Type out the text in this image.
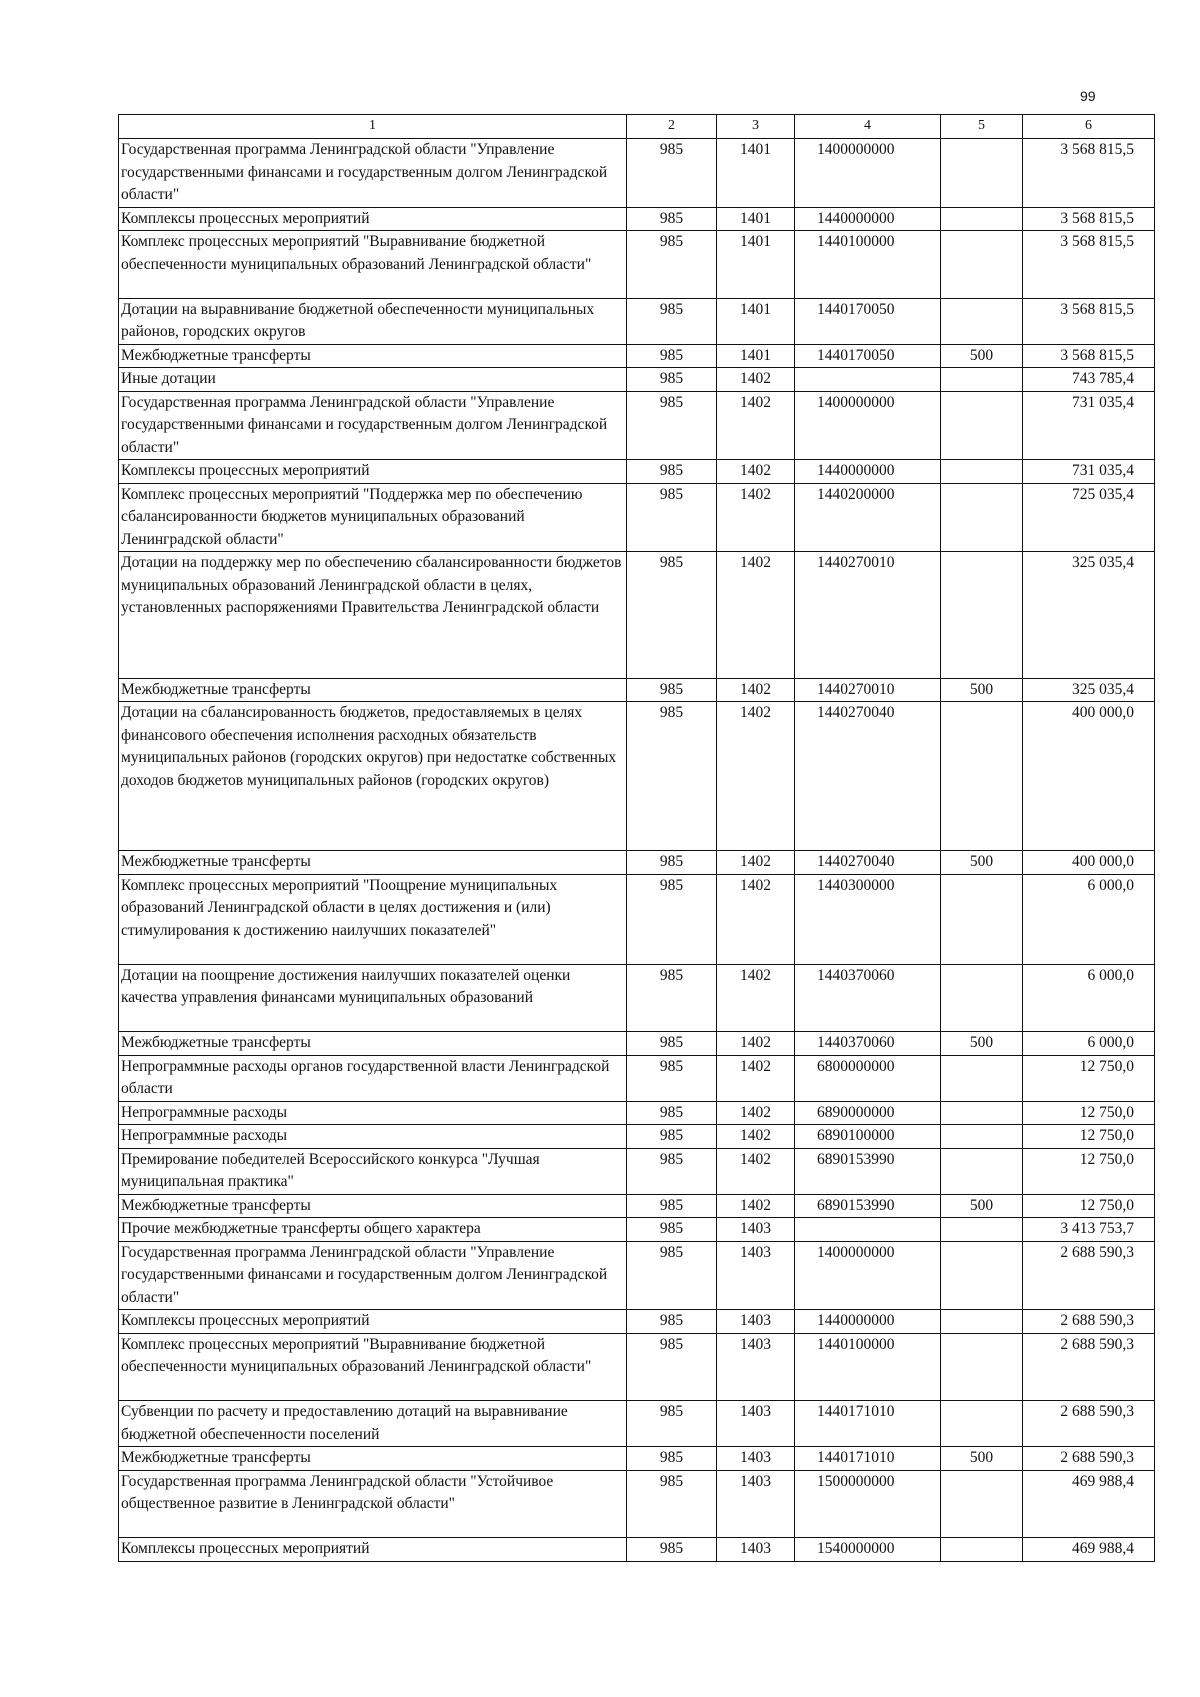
99
1	2	3	4	5	6
Государственная программа Ленинградской области "Управление государственными финансами и государственным долгом Ленинградской области"	985	1401	1400000000		3 568 815,5
Комплексы процессных мероприятий	985	1401	1440000000		3 568 815,5
Комплекс процессных мероприятий "Выравнивание бюджетной обеспеченности муниципальных образований Ленинградской области"	985	1401	1440100000		3 568 815,5
Дотации на выравнивание бюджетной обеспеченности муниципальных районов, городских округов	985	1401	1440170050		3 568 815,5
Межбюджетные трансферты	985	1401	1440170050	500	3 568 815,5
Иные дотации	985	1402			743 785,4
Государственная программа Ленинградской области "Управление государственными финансами и государственным долгом Ленинградской области"	985	1402	1400000000		731 035,4
Комплексы процессных мероприятий	985	1402	1440000000		731 035,4
Комплекс процессных мероприятий "Поддержка мер по обеспечению сбалансированности бюджетов муниципальных образований Ленинградской области"	985	1402	1440200000		725 035,4
Дотации на поддержку мер по обеспечению сбалансированности бюджетов муниципальных образований Ленинградской области в целях, установленных распоряжениями Правительства Ленинградской области	985	1402	1440270010		325 035,4
Межбюджетные трансферты	985	1402	1440270010	500	325 035,4
Дотации на сбалансированность бюджетов, предоставляемых в целях финансового обеспечения исполнения расходных обязательств муниципальных районов (городских округов) при недостатке собственных доходов бюджетов муниципальных районов (городских округов)	985	1402	1440270040		400 000,0
Межбюджетные трансферты	985	1402	1440270040	500	400 000,0
Комплекс процессных мероприятий "Поощрение муниципальных образований Ленинградской области в целях достижения и (или) стимулирования к достижению наилучших показателей"	985	1402	1440300000		6 000,0
Дотации на поощрение достижения наилучших показателей оценки качества управления финансами муниципальных образований	985	1402	1440370060		6 000,0
Межбюджетные трансферты	985	1402	1440370060	500	6 000,0
Непрограммные расходы органов государственной власти Ленинградской области	985	1402	6800000000		12 750,0
Непрограммные расходы	985	1402	6890000000		12 750,0
Непрограммные расходы	985	1402	6890100000		12 750,0
Премирование победителей Всероссийского конкурса "Лучшая муниципальная практика"	985	1402	6890153990		12 750,0
Межбюджетные трансферты	985	1402	6890153990	500	12 750,0
Прочие межбюджетные трансферты общего характера	985	1403			3 413 753,7
Государственная программа Ленинградской области "Управление государственными финансами и государственным долгом Ленинградской области"	985	1403	1400000000		2 688 590,3
Комплексы процессных мероприятий	985	1403	1440000000		2 688 590,3
Комплекс процессных мероприятий "Выравнивание бюджетной обеспеченности муниципальных образований Ленинградской области"	985	1403	1440100000		2 688 590,3
Субвенции по расчету и предоставлению дотаций на выравнивание бюджетной обеспеченности поселений	985	1403	1440171010		2 688 590,3
Межбюджетные трансферты	985	1403	1440171010	500	2 688 590,3
Государственная программа Ленинградской области "Устойчивое общественное развитие в Ленинградской области"	985	1403	1500000000		469 988,4
Комплексы процессных мероприятий	985	1403	1540000000		469 988,4
